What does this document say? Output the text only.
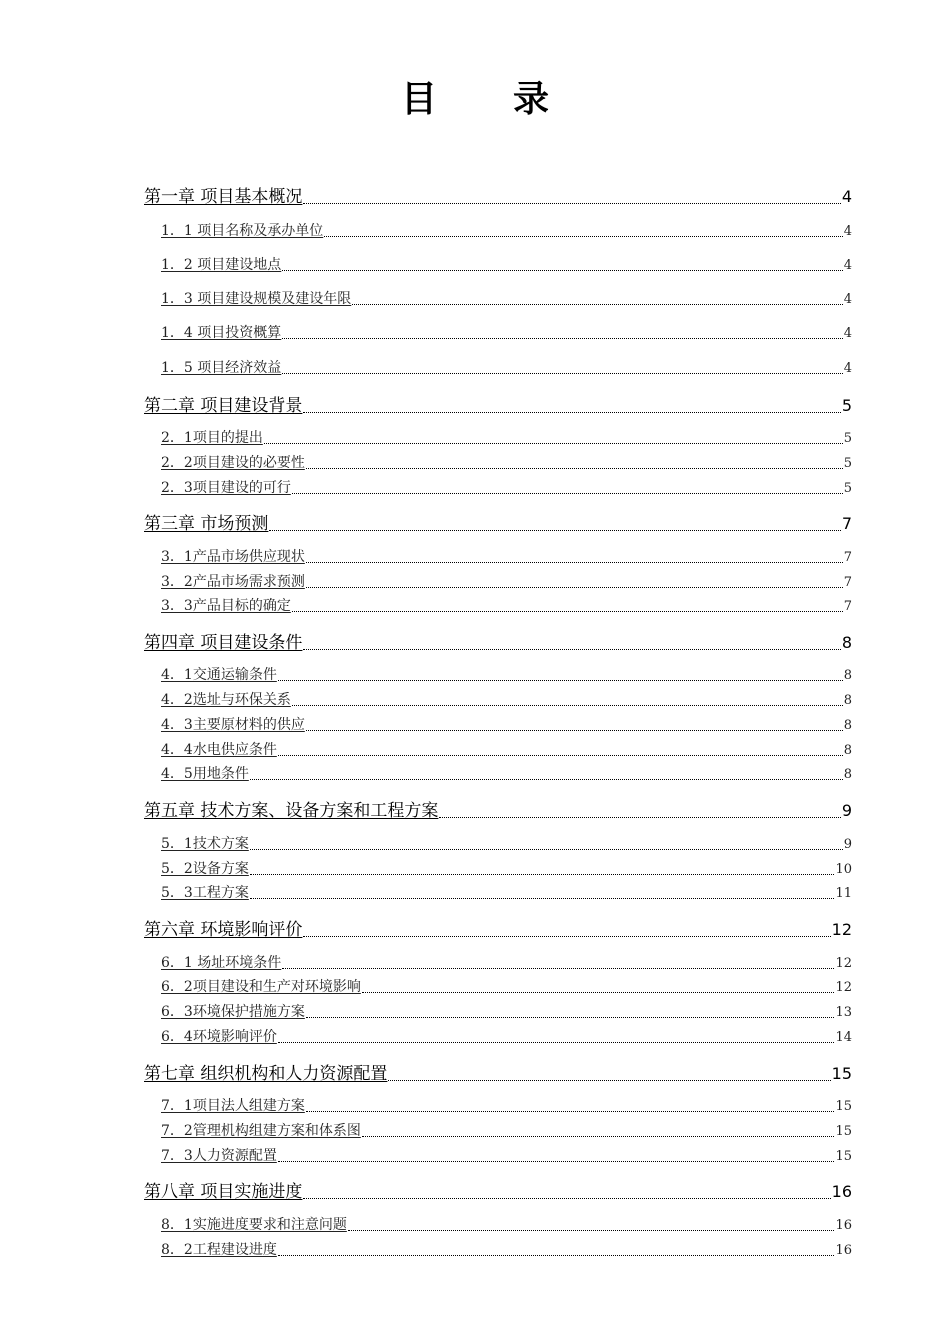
目 录
第一章 项目基本概况	4
1．1 项目名称及承办单位	4
1．2 项目建设地点	4
1．3 项目建设规模及建设年限	4
1．4 项目投资概算	4
1．5 项目经济效益	4
第二章 项目建设背景	5
2．1项目的提出	5
2．2项目建设的必要性	5
2．3项目建设的可行	5
第三章 市场预测	7
3．1产品市场供应现状	7
3．2产品市场需求预测	7
3．3产品目标的确定	7
第四章 项目建设条件	8
4．1交通运输条件	8
4．2选址与环保关系	8
4．3主要原材料的供应	8
4．4水电供应条件	8
4．5用地条件	8
第五章 技术方案、设备方案和工程方案	9
5．1技术方案	9
5．2设备方案	10
5．3工程方案	11
第六章 环境影响评价	12
6．1 场址环境条件	12
6．2项目建设和生产对环境影响	12
6．3环境保护措施方案	13
6．4环境影响评价	14
第七章 组织机构和人力资源配置	15
7．1项目法人组建方案	15
7．2管理机构组建方案和体系图	15
7．3人力资源配置	15
第八章 项目实施进度	16
8．1实施进度要求和注意问题	16
8．2工程建设进度	16
